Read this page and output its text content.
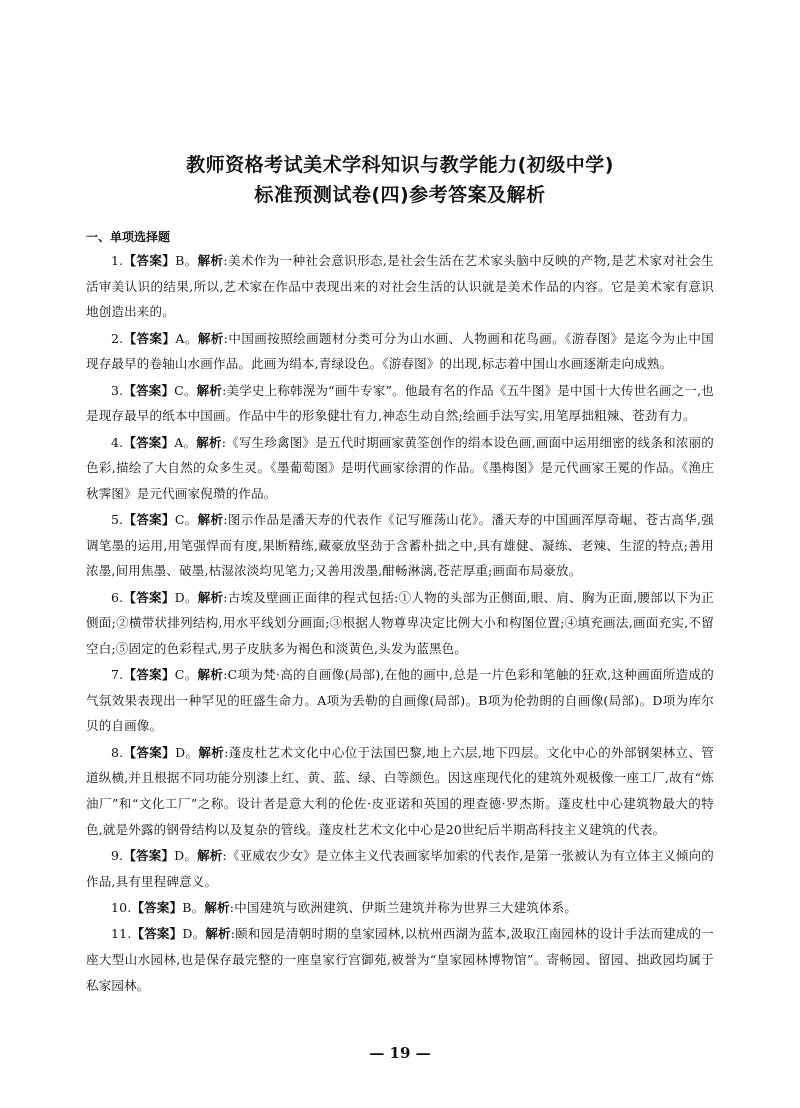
教师资格考试美术学科知识与教学能力(初级中学)
标准预测试卷(四)参考答案及解析
一、单项选择题

1.【答案】B。解析:美术作为一种社会意识形态,是社会生活在艺术家头脑中反映的产物,是艺术家对社会生活审美认识的结果,所以,艺术家在作品中表现出来的对社会生活的认识就是美术作品的内容。它是美术家有意识地创造出来的。

2.【答案】A。解析:中国画按照绘画题材分类可分为山水画、人物画和花鸟画。《游春图》是迄今为止中国现存最早的卷轴山水画作品。此画为绢本,青绿设色。《游春图》的出现,标志着中国山水画逐渐走向成熟。

3.【答案】C。解析:美学史上称韩滉为“画牛专家”。他最有名的作品《五牛图》是中国十大传世名画之一,也是现存最早的纸本中国画。作品中牛的形象健壮有力,神态生动自然;绘画手法写实,用笔厚拙粗辣、苍劲有力。

4.【答案】A。解析:《写生珍禽图》是五代时期画家黄筌创作的绢本设色画,画面中运用细密的线条和浓丽的色彩,描绘了大自然的众多生灵。《墨葡萄图》是明代画家徐渭的作品。《墨梅图》是元代画家王冕的作品。《渔庄秋霁图》是元代画家倪瓒的作品。

5.【答案】C。解析:图示作品是潘天寿的代表作《记写雁荡山花》。潘天寿的中国画浑厚奇崛、苍古高华,强调笔墨的运用,用笔强悍而有度,果断精练,藏豪放坚劲于含蓄朴拙之中,具有雄健、凝练、老辣、生涩的特点;善用浓墨,间用焦墨、破墨,枯湿浓淡均见笔力;又善用泼墨,酣畅淋漓,苍茫厚重;画面布局豪放。

6.【答案】D。解析:古埃及壁画正面律的程式包括:①人物的头部为正侧面,眼、肩、胸为正面,腰部以下为正侧面;②横带状排列结构,用水平线划分画面;③根据人物尊卑决定比例大小和构图位置;④填充画法,画面充实,不留空白;⑤固定的色彩程式,男子皮肤多为褐色和淡黄色,头发为蓝黑色。

7.【答案】C。解析:C项为梵·高的自画像(局部),在他的画中,总是一片色彩和笔触的狂欢,这种画面所造成的气氛效果表现出一种罕见的旺盛生命力。A项为丢勒的自画像(局部)。B项为伦勃朗的自画像(局部)。D项为库尔贝的自画像。

8.【答案】D。解析:蓬皮杜艺术文化中心位于法国巴黎,地上六层,地下四层。文化中心的外部钢架林立、管道纵横,并且根据不同功能分别漆上红、黄、蓝、绿、白等颜色。因这座现代化的建筑外观极像一座工厂,故有“炼油厂”和“文化工厂”之称。设计者是意大利的伦佐·皮亚诺和英国的理查德·罗杰斯。蓬皮杜中心建筑物最大的特色,就是外露的钢骨结构以及复杂的管线。蓬皮杜艺术文化中心是20世纪后半期高科技主义建筑的代表。

9.【答案】D。解析:《亚威农少女》是立体主义代表画家毕加索的代表作,是第一张被认为有立体主义倾向的作品,具有里程碑意义。

10.【答案】B。解析:中国建筑与欧洲建筑、伊斯兰建筑并称为世界三大建筑体系。

11.【答案】D。解析:颐和园是清朝时期的皇家园林,以杭州西湖为蓝本,汲取江南园林的设计手法而建成的一座大型山水园林,也是保存最完整的一座皇家行宫御苑,被誉为“皇家园林博物馆”。寄畅园、留园、拙政园均属于私家园林。

— 19 —
